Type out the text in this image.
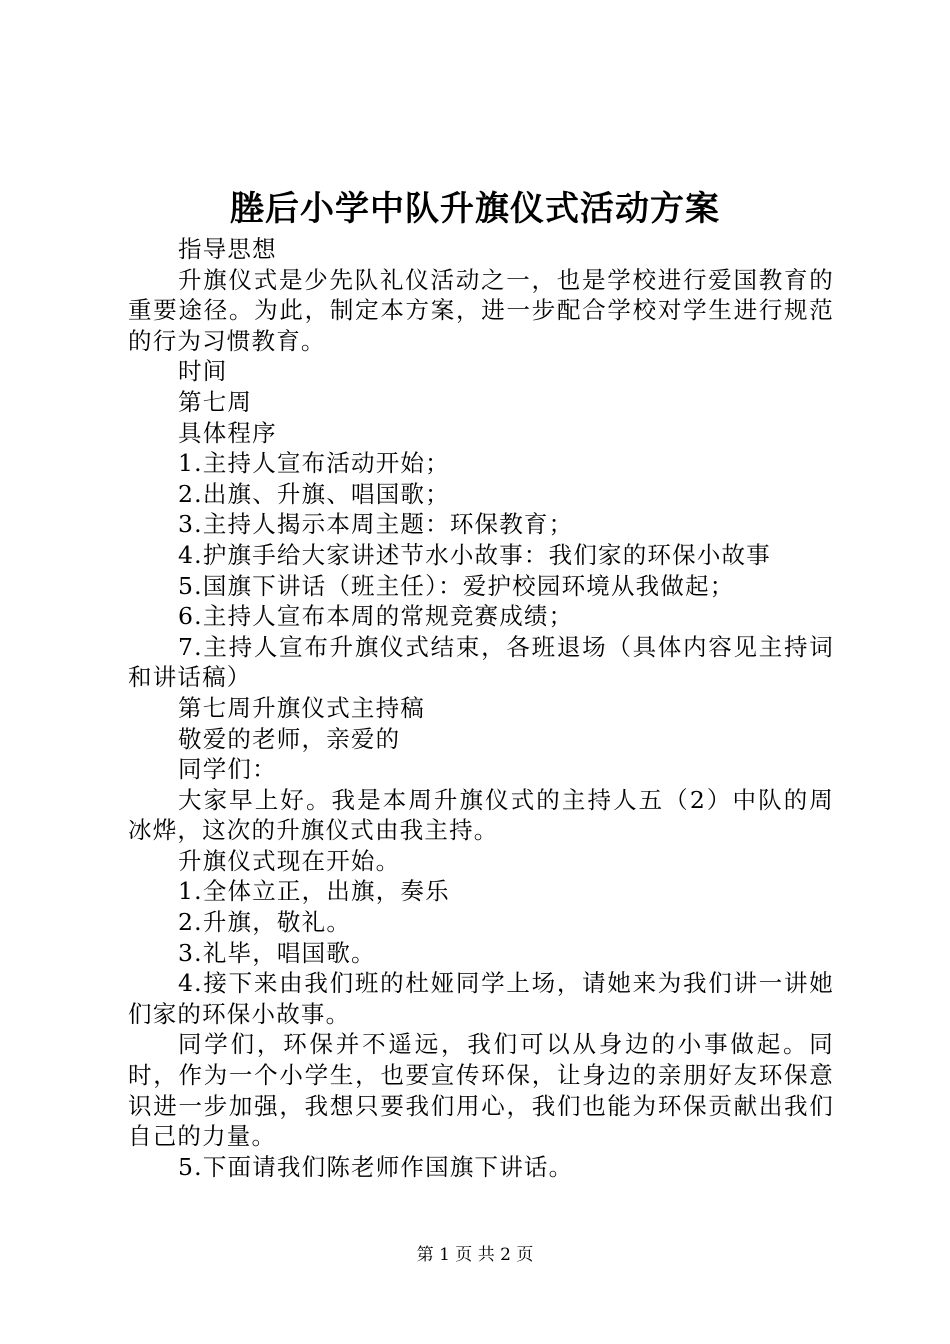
塍后小学中队升旗仪式活动方案

指导思想

升旗仪式是少先队礼仪活动之一，也是学校进行爱国教育的重要途径。为此，制定本方案，进一步配合学校对学生进行规范的行为习惯教育。

时间

第七周

具体程序

1.主持人宣布活动开始；

2.出旗、升旗、唱国歌；

3.主持人揭示本周主题：环保教育；

4.护旗手给大家讲述节水小故事：我们家的环保小故事

5.国旗下讲话（班主任）：爱护校园环境从我做起；

6.主持人宣布本周的常规竞赛成绩；

7.主持人宣布升旗仪式结束，各班退场（具体内容见主持词和讲话稿）

第七周升旗仪式主持稿

敬爱的老师，亲爱的

同学们：

大家早上好。我是本周升旗仪式的主持人五（2）中队的周冰烨，这次的升旗仪式由我主持。

升旗仪式现在开始。

1.全体立正，出旗，奏乐

2.升旗，敬礼。

3.礼毕，唱国歌。

4.接下来由我们班的杜娅同学上场，请她来为我们讲一讲她们家的环保小故事。

同学们，环保并不遥远，我们可以从身边的小事做起。同时，作为一个小学生，也要宣传环保，让身边的亲朋好友环保意识进一步加强，我想只要我们用心，我们也能为环保贡献出我们自己的力量。

5.下面请我们陈老师作国旗下讲话。

第 1 页 共 2 页
